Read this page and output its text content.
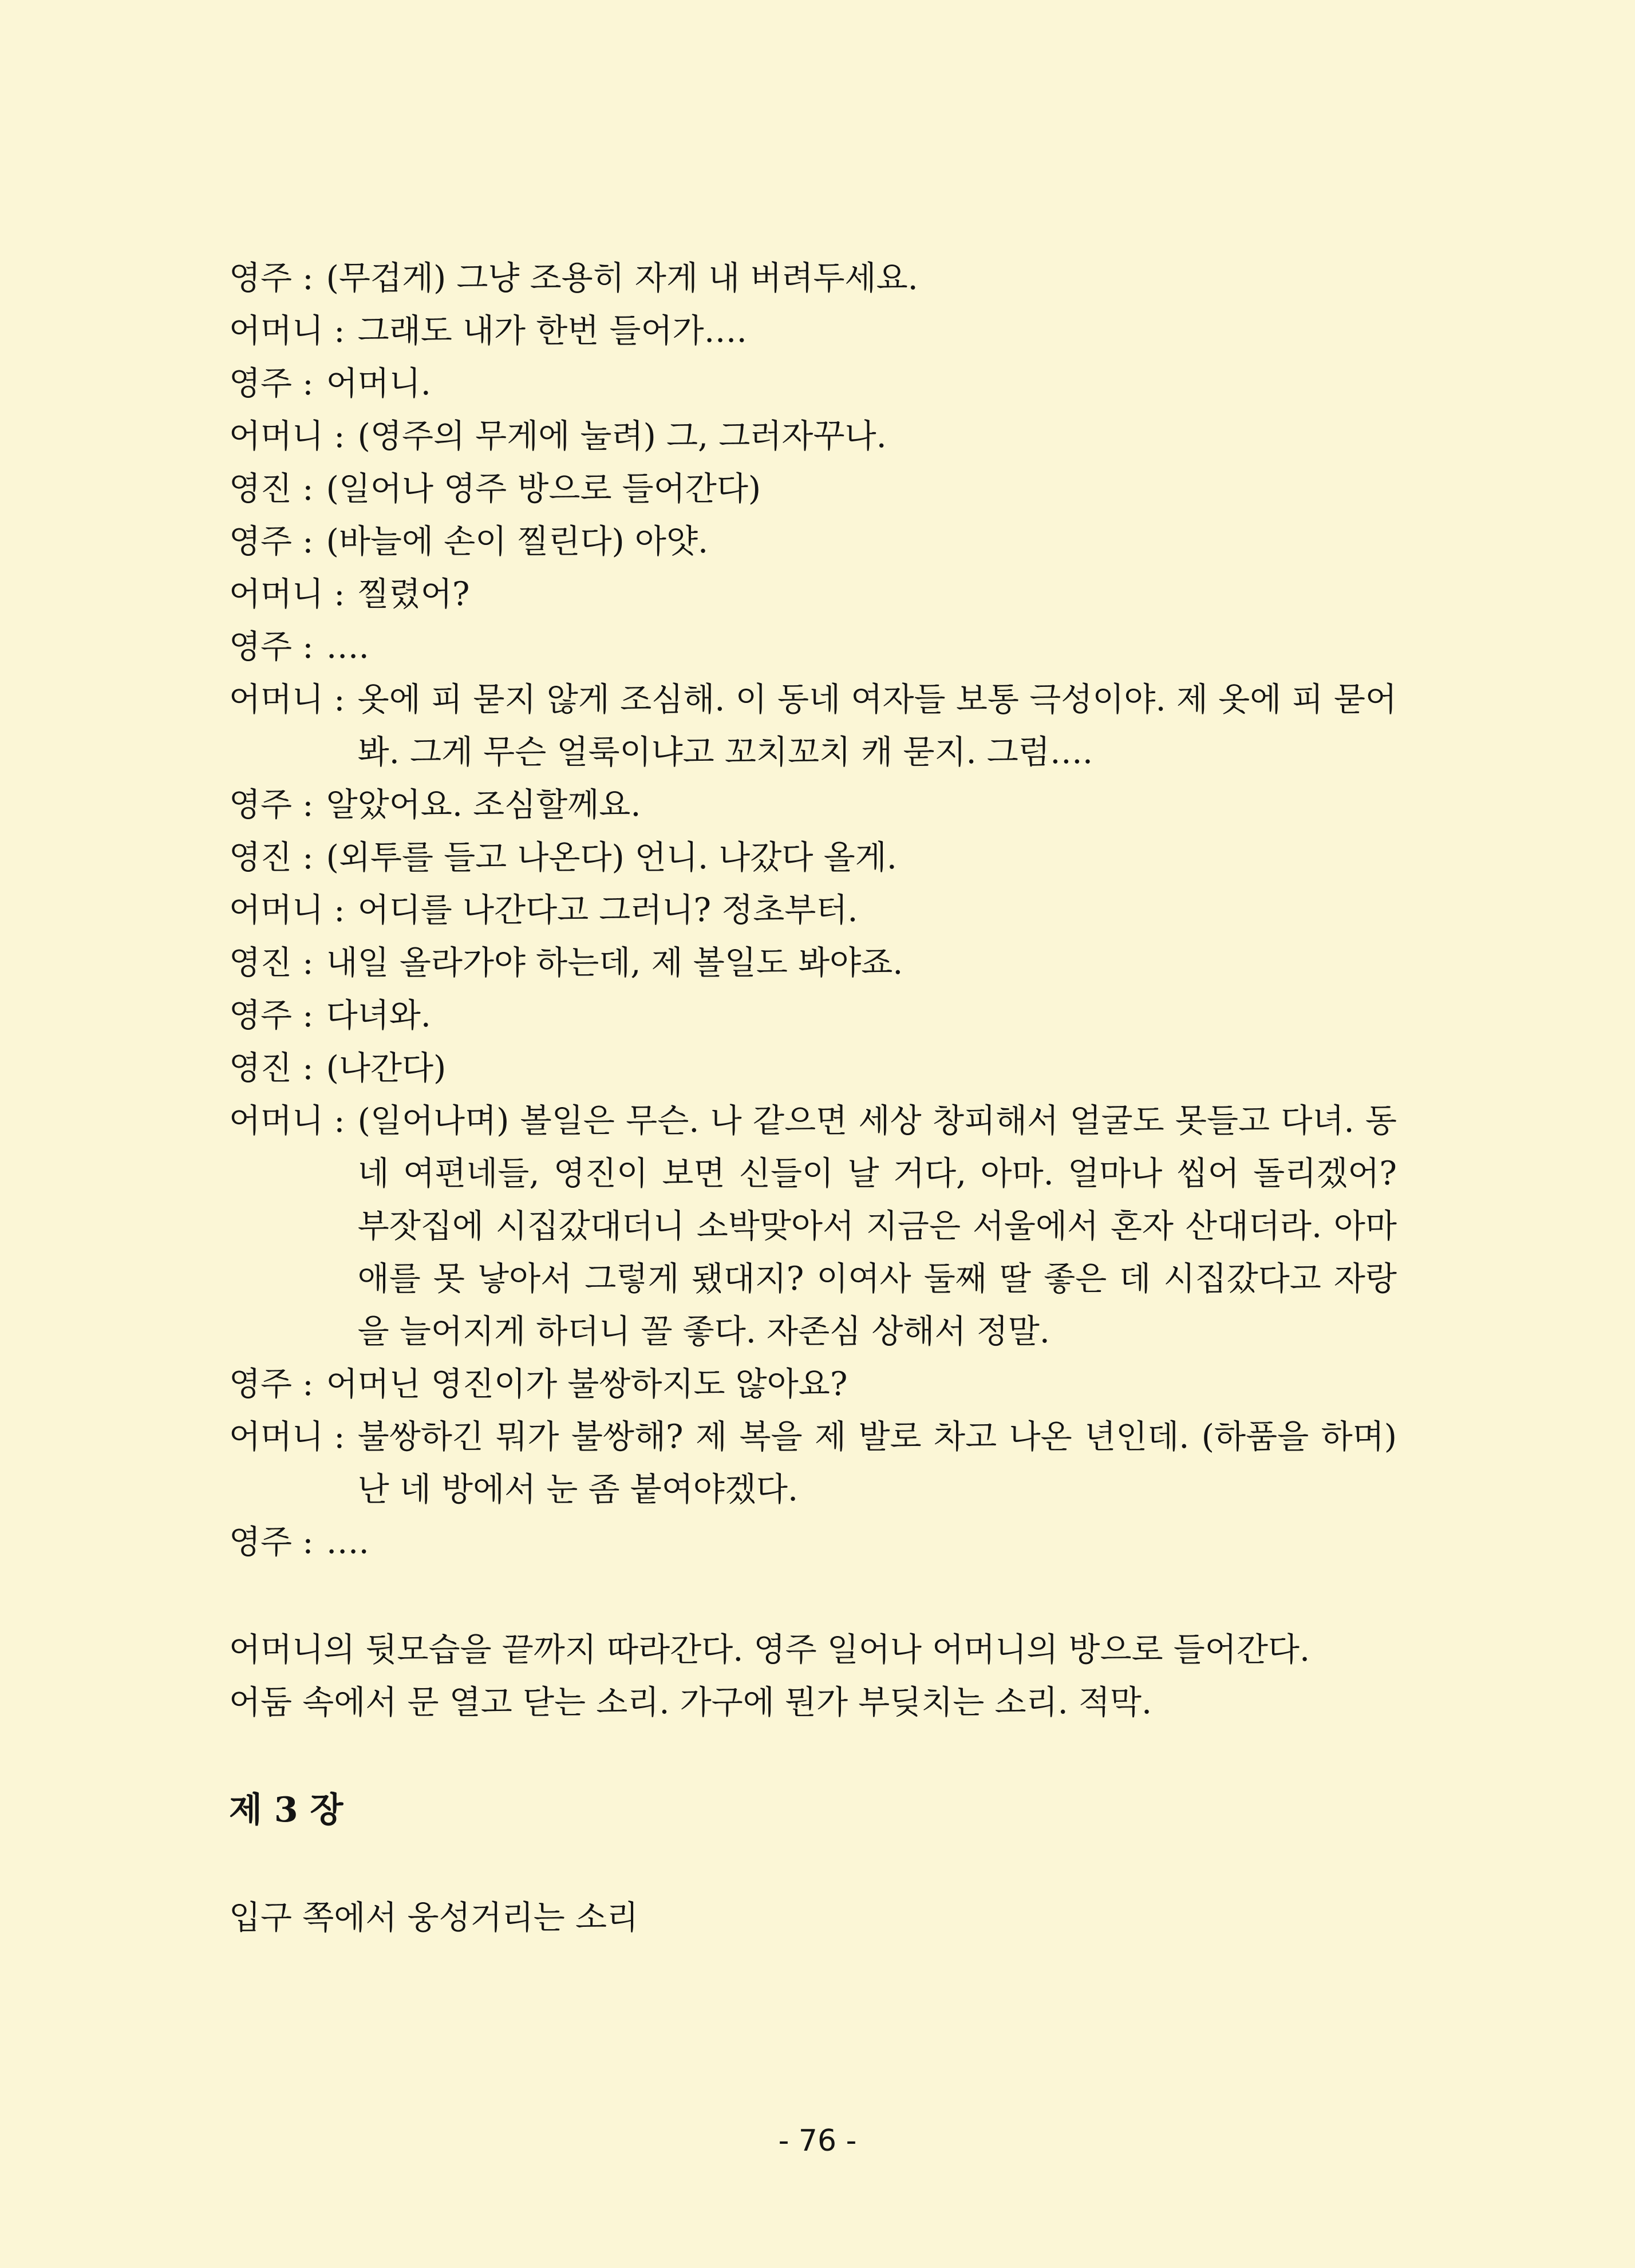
영주 :	(무겁게) 그냥 조용히 자게 내 버려두세요.
어머니 :	그래도 내가 한번 들어가….
영주 :	어머니.
어머니 :	(영주의 무게에 눌려) 그, 그러자꾸나.
영진 :	(일어나 영주 방으로 들어간다)
영주 :	(바늘에 손이 찔린다) 아얏.
어머니 :	찔렸어?
영주 :	….
어머니 :	옷에 피 묻지 않게 조심해. 이 동네 여자들 보통 극성이야. 제 옷에 피 묻어봐. 그게 무슨 얼룩이냐고 꼬치꼬치 캐 묻지. 그럼….
영주 :	알았어요. 조심할께요.
영진 :	(외투를 들고 나온다) 언니. 나갔다 올게.
어머니 :	어디를 나간다고 그러니? 정초부터.
영진 :	내일 올라가야 하는데, 제 볼일도 봐야죠.
영주 :	다녀와.
영진 :	(나간다)
어머니 :	(일어나며) 볼일은 무슨. 나 같으면 세상 창피해서 얼굴도 못들고 다녀. 동네 여편네들, 영진이 보면 신들이 날 거다, 아마. 얼마나 씹어 돌리겠어? 부잣집에 시집갔대더니 소박맞아서 지금은 서울에서 혼자 산대더라. 아마 애를 못 낳아서 그렇게 됐대지? 이여사 둘째 딸 좋은 데 시집갔다고 자랑을 늘어지게 하더니 꼴 좋다. 자존심 상해서 정말.
영주 :	어머닌 영진이가 불쌍하지도 않아요?
어머니 :	불쌍하긴 뭐가 불쌍해? 제 복을 제 발로 차고 나온 년인데. (하품을 하며) 난 네 방에서 눈 좀 붙여야겠다.
영주 :	….

어머니의 뒷모습을 끝까지 따라간다. 영주 일어나 어머니의 방으로 들어간다.

어둠 속에서 문 열고 닫는 소리. 가구에 뭔가 부딪치는 소리. 적막.

제 3 장

입구 쪽에서 웅성거리는 소리

- 76 -
